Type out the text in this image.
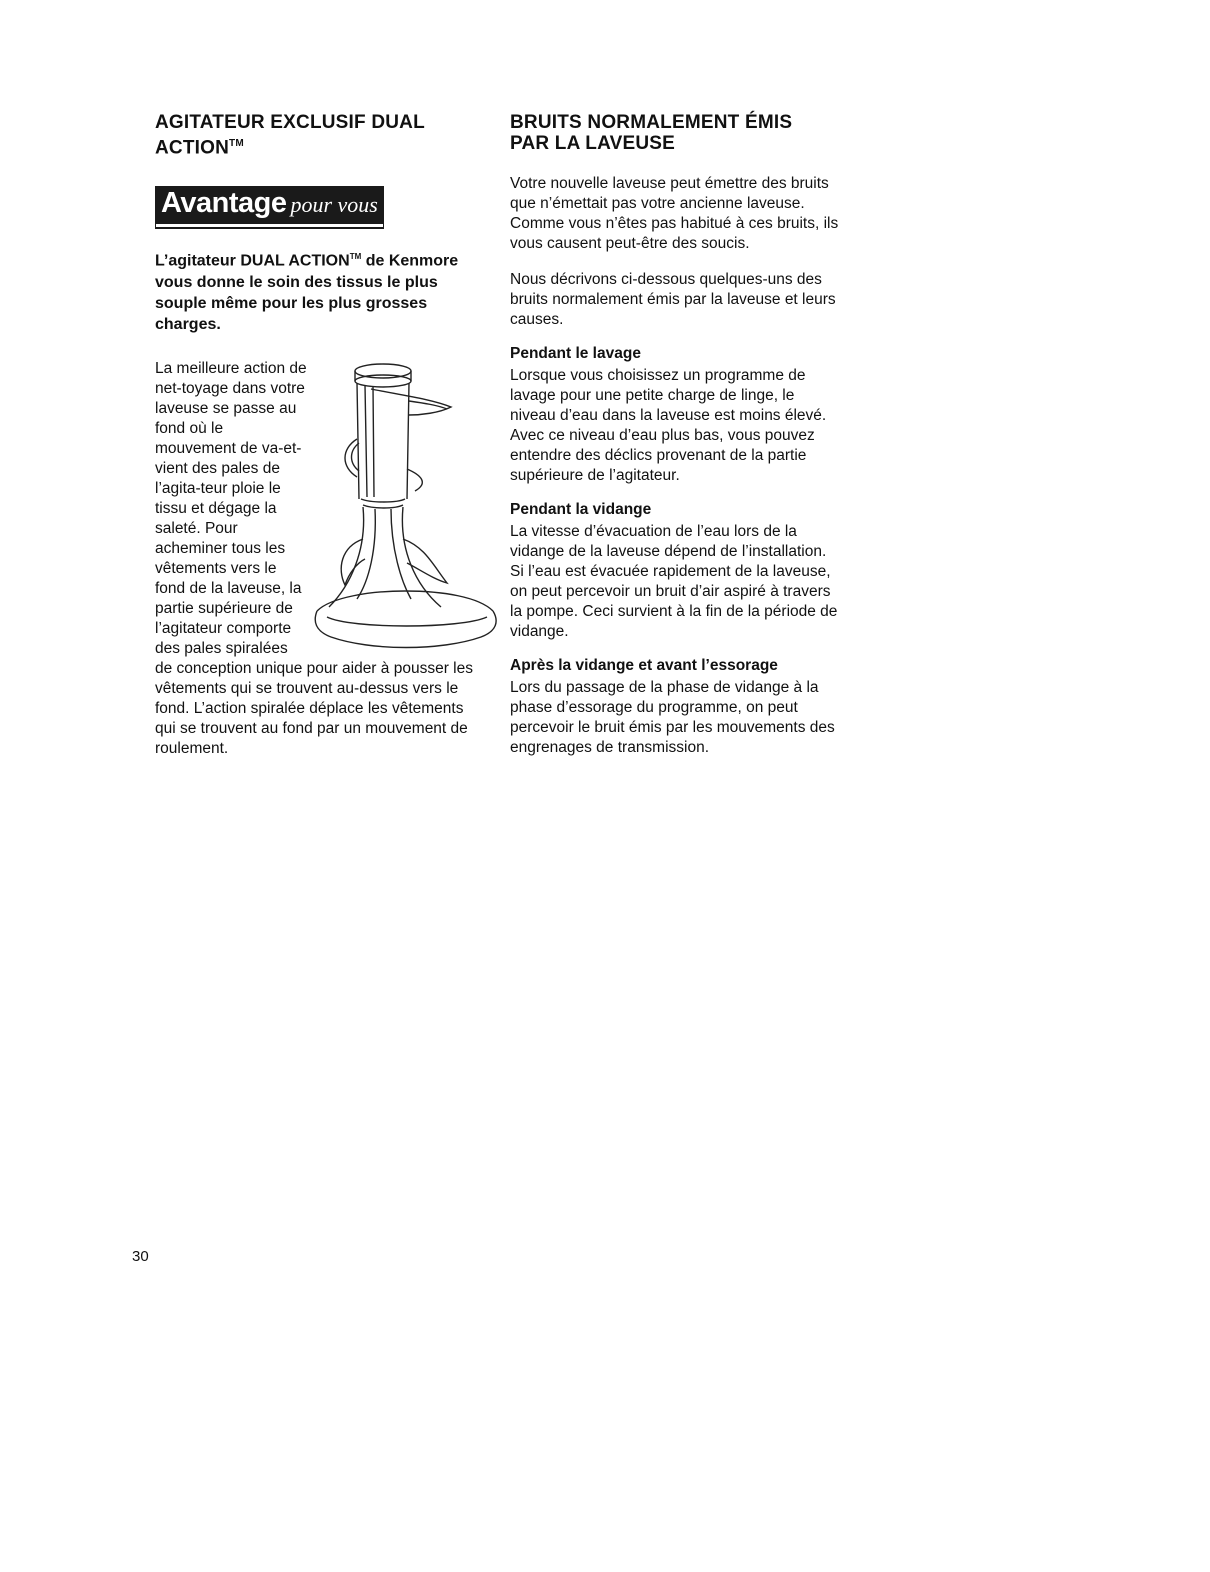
AGITATEUR EXCLUSIF DUAL
ACTION™
Avantage pour vous

L’agitateur DUAL ACTION™ de Kenmore vous donne le soin des tissus le plus souple même pour les plus grosses charges.

La meilleure action de net-toyage dans votre laveuse se passe au fond où le mouvement de va-et-vient des pales de l’agita-teur ploie le tissu et dégage la saleté. Pour acheminer tous les vêtements vers le fond de la laveuse, la partie supérieure de l’agitateur comporte des pales spiralées de conception unique pour aider à pousser les vêtements qui se trouvent au-dessus vers le fond. L’action spiralée déplace les vêtements qui se trouvent au fond par un mouvement de roulement.

BRUITS NORMALEMENT ÉMIS
PAR LA LAVEUSE

Votre nouvelle laveuse peut émettre des bruits que n’émettait pas votre ancienne laveuse. Comme vous n’êtes pas habitué à ces bruits, ils vous causent peut-être des soucis.

Nous décrivons ci-dessous quelques-uns des bruits normalement émis par la laveuse et leurs causes.

Pendant le lavage

Lorsque vous choisissez un programme de lavage pour une petite charge de linge, le niveau d’eau dans la laveuse est moins élevé. Avec ce niveau d’eau plus bas, vous pouvez entendre des déclics provenant de la partie supérieure de l’agitateur.

Pendant la vidange

La vitesse d’évacuation de l’eau lors de la vidange de la laveuse dépend de l’installation. Si l’eau est évacuée rapidement de la laveuse, on peut percevoir un bruit d’air aspiré à travers la pompe. Ceci survient à la fin de la période de vidange.

Après la vidange et avant l’essorage

Lors du passage de la phase de vidange à la phase d’essorage du programme, on peut percevoir le bruit émis par les mouvements des engrenages de transmission.

30
